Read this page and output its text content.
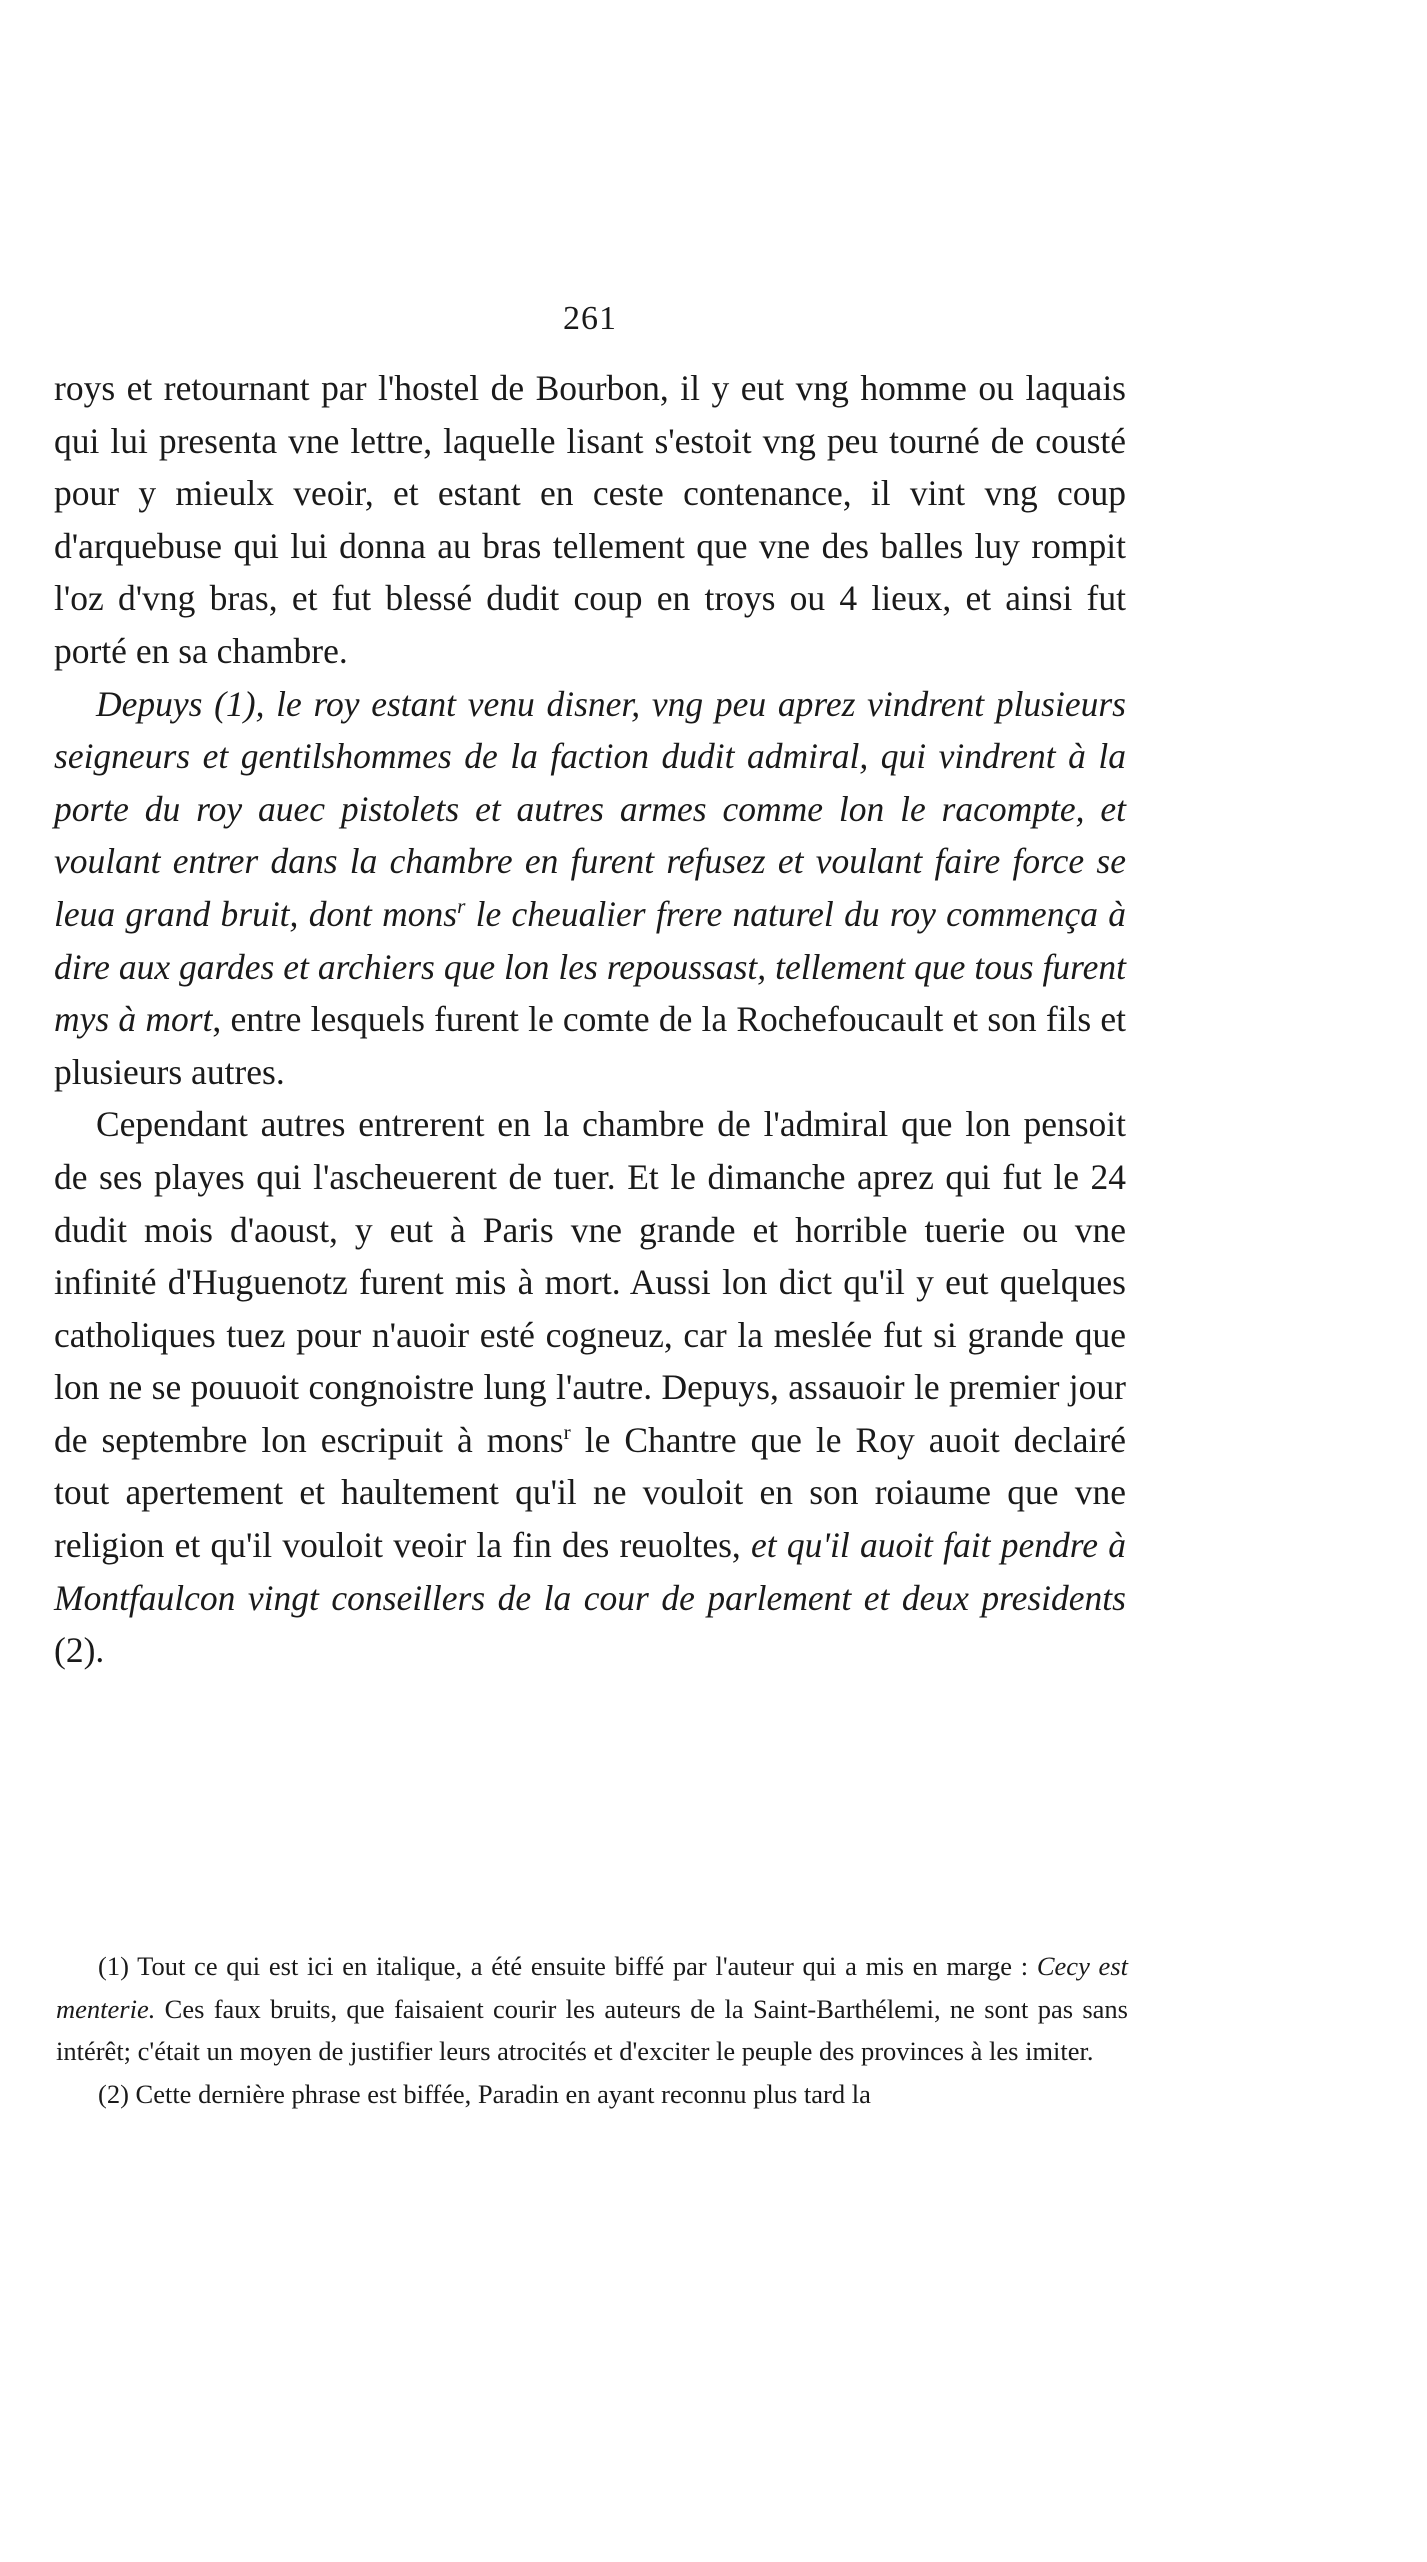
261

roys et retournant par l'hostel de Bourbon, il y eut vng homme ou laquais qui lui presenta vne lettre, laquelle lisant s'estoit vng peu tourné de cousté pour y mieulx veoir, et estant en ceste contenance, il vint vng coup d'arquebuse qui lui donna au bras tellement que vne des balles luy rompit l'oz d'vng bras, et fut blessé dudit coup en troys ou 4 lieux, et ainsi fut porté en sa chambre.

Depuys (1), le roy estant venu disner, vng peu aprez vindrent plusieurs seigneurs et gentilshommes de la faction dudit admiral, qui vindrent à la porte du roy auec pistolets et autres armes comme lon le racompte, et voulant entrer dans la chambre en furent refusez et voulant faire force se leua grand bruit, dont mons$^r$ le cheualier frere naturel du roy commença à dire aux gardes et archiers que lon les repoussast, tellement que tous furent mys à mort, entre lesquels furent le comte de la Rochefoucault et son fils et plusieurs autres.

Cependant autres entrerent en la chambre de l'admiral que lon pensoit de ses playes qui l'ascheuerent de tuer. Et le dimanche aprez qui fut le 24 dudit mois d'aoust, y eut à Paris vne grande et horrible tuerie ou vne infinité d'Huguenotz furent mis à mort. Aussi lon dict qu'il y eut quelques catholiques tuez pour n'auoir esté cogneuz, car la meslée fut si grande que lon ne se pouuoit congnoistre lung l'autre. Depuys, assauoir le premier jour de septembre lon escripuit à mons$^r$ le Chantre que le Roy auoit declairé tout apertement et haultement qu'il ne vouloit en son roiaume que vne religion et qu'il vouloit veoir la fin des reuoltes, et qu'il auoit fait pendre à Montfaulcon vingt conseillers de la cour de parlement et deux presidents (2).

(1) Tout ce qui est ici en italique, a été ensuite biffé par l'auteur qui a mis en marge : Cecy est menterie. Ces faux bruits, que faisaient courir les auteurs de la Saint-Barthélemi, ne sont pas sans intérêt; c'était un moyen de justifier leurs atrocités et d'exciter le peuple des provinces à les imiter.

(2) Cette dernière phrase est biffée, Paradin en ayant reconnu plus tard la
